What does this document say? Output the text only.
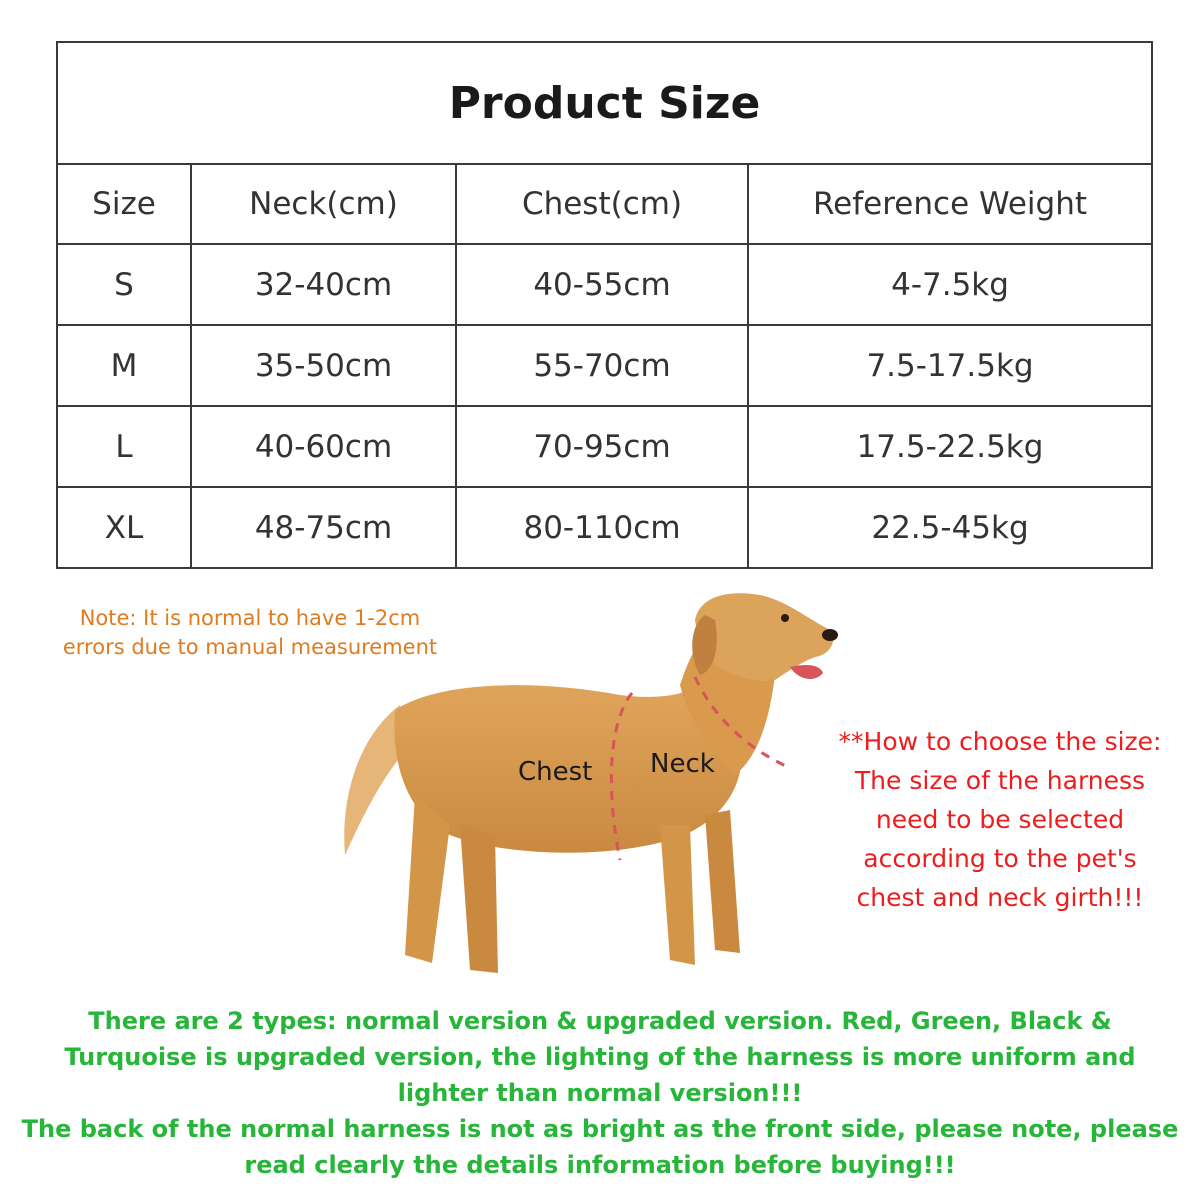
Product Size			
Size	Neck(cm)	Chest(cm)	Reference Weight
S	32-40cm	40-55cm	4-7.5kg
M	35-50cm	55-70cm	7.5-17.5kg
L	40-60cm	70-95cm	17.5-22.5kg
XL	48-75cm	80-110cm	22.5-45kg
Note: It is normal to have 1-2cm
errors due to manual measurement
Chest Neck
**How to choose the size:
The size of the harness
need to be selected
according to the pet's
chest and neck girth!!!

There are 2 types: normal version & upgraded version. Red, Green, Black & Turquoise is upgraded version, the lighting of the harness is more uniform and lighter than normal version!!!

The back of the normal harness is not as bright as the front side, please note, please read clearly the details information before buying!!!
